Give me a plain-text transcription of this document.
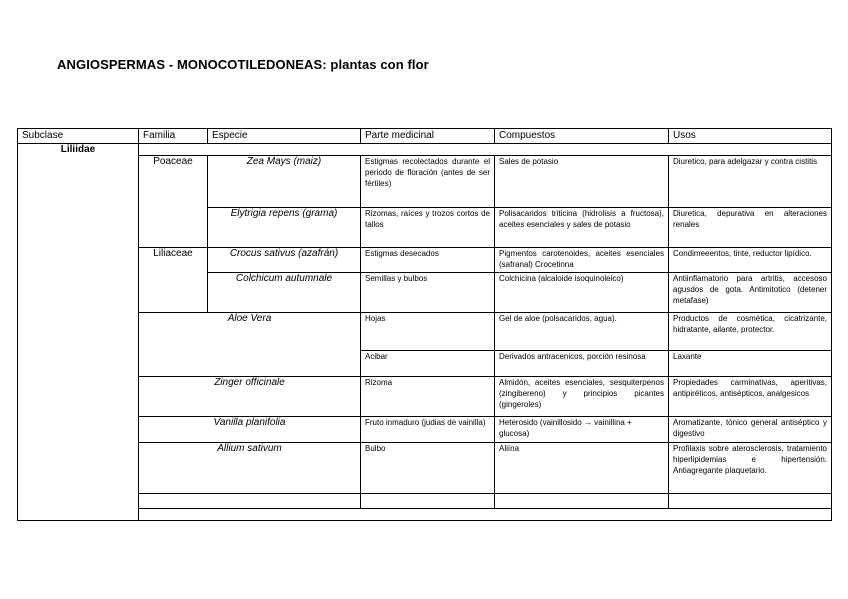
ANGIOSPERMAS - MONOCOTILEDONEAS: plantas con flor
Subclase	Familia	Especie	Parte medicinal	Compuestos	Usos
Liliidae					
	Poaceae	Zea Mays (maiz)	Estigmas recolectados durante el periodo de floración (antes de ser fértiles)	Sales de potasio	Diuretico, para adelgazar y contra cistitis
		Elytrigia repens (grama)	Rizomas, raíces y trozos cortos de tallos	Polisacaridos triticina (hidrolisis a fructosa), aceites esenciales y sales de potasio	Diuretica, depurativa en alteraciones renales
	Liliaceae	Crocus sativus (azafrán)	Estigmas desecados	Pigmentos carotenoides, aceites esenciales (safranal) Crocetinna	Condimeeentos, tinte, reductor lipídico.
		Colchicum autumnale	Semillas y bulbos	Colchicina (alcaloide isoquinoleico)	Antiinflamatorio para artritis, accesoso agusdos de gota. Antimitotico (detener metafase)
	Aloe Vera		Hojas	Gel de aloe (polsacaridos, agua).	Productos de cosmética, cicatrizante, hidratante, ailante, protector.
			Acibar	Derivados antracenicos, porción resinosa	Laxante
	Zinger officinale		Rizoma	Almidón, aceites esenciales, sesquiterpenos (zingibereno) y principios picantes (gingeroles)	Propiedades carminativas, aperitivas, antipiréticos, antisépticos, analgesicos
	Vanilla planifolia		Fruto inmaduro (judias de vainilla)	Heterosido (vainillosido → vainillina + glucosa)	Aromatizante, tónico general antiséptico y digestivo
	Allium sativum		Bulbo	Aliína	Profilaxis sobre aterosclerosis, tratamiento hiperlipidemias e hipertensión. Antiagregante plaquetario.
